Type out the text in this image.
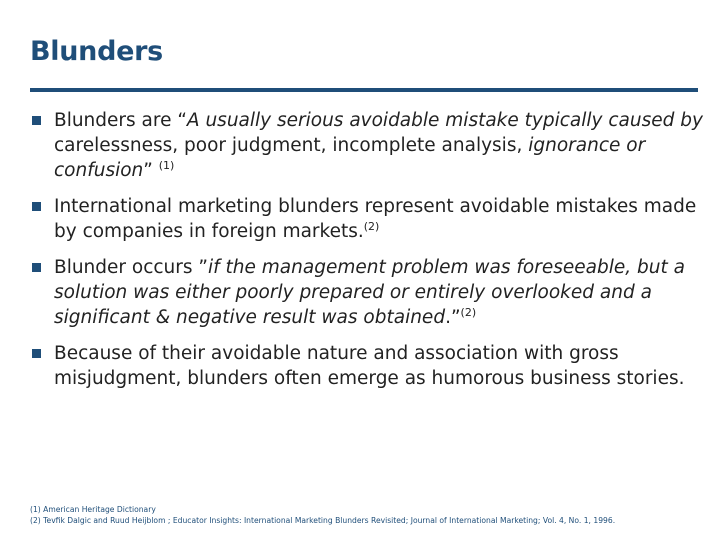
Blunders
Blunders are “A usually serious avoidable mistake typically caused by carelessness, poor judgment, incomplete analysis, ignorance or confusion” $^{(1)}$
International marketing blunders represent avoidable mistakes made by companies in foreign markets.$^{(2)}$
Blunder occurs ”if the management problem was foreseeable, but a solution was either poorly prepared or entirely overlooked and a significant & negative result was obtained.”$^{(2)}$
Because of their avoidable nature and association with gross misjudgment, blunders often emerge as humorous business stories.
(1) American Heritage Dictionary
(2) Tevfik Dalgic and Ruud Heijblom ; Educator Insights: International Marketing Blunders Revisited; Journal of International Marketing; Vol. 4, No. 1, 1996.
